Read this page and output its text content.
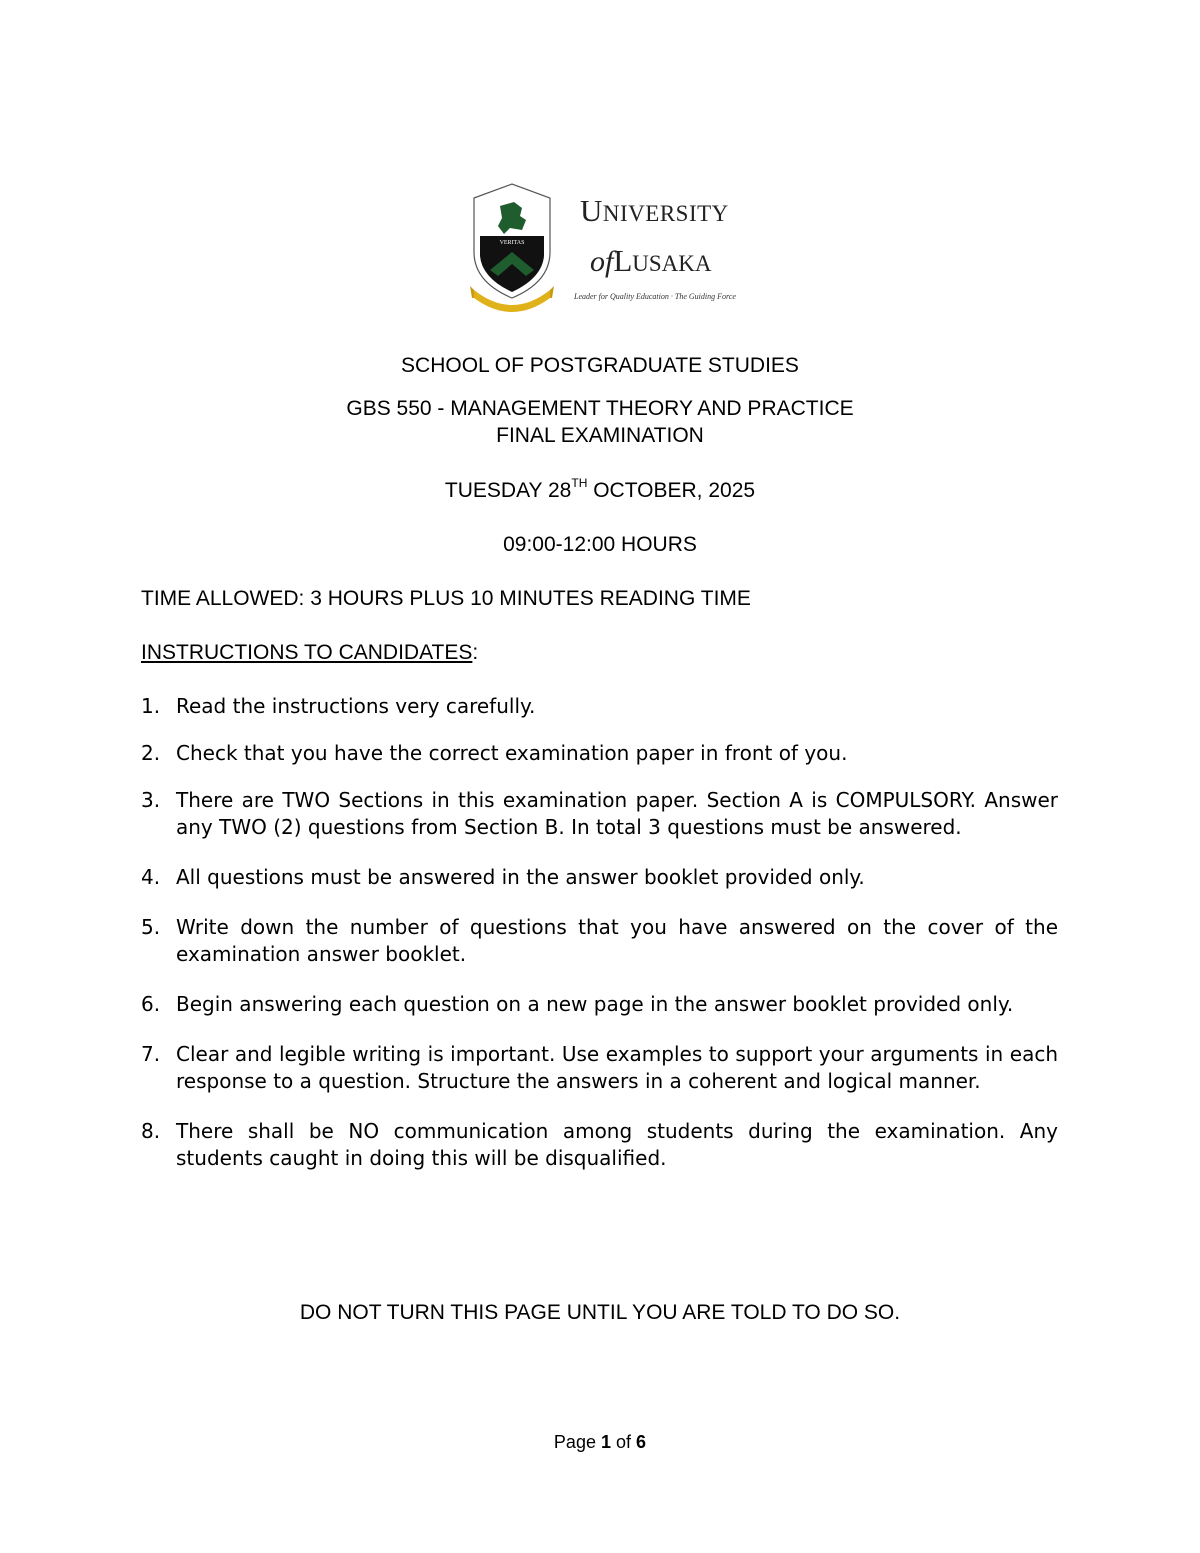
VERITAS
UNIVERSITY
ofLUSAKA
Leader for Quality Education · The Guiding Force
SCHOOL OF POSTGRADUATE STUDIES
GBS 550 - MANAGEMENT THEORY AND PRACTICE
FINAL EXAMINATION
TUESDAY 28TH OCTOBER, 2025
09:00-12:00 HOURS
TIME ALLOWED: 3 HOURS PLUS 10 MINUTES READING TIME
INSTRUCTIONS TO CANDIDATES:
1. Read the instructions very carefully.
2. Check that you have the correct examination paper in front of you.
3. There are TWO Sections in this examination paper. Section A is COMPULSORY. Answer any TWO (2) questions from Section B. In total 3 questions must be answered.
4. All questions must be answered in the answer booklet provided only.
5. Write down the number of questions that you have answered on the cover of the examination answer booklet.
6. Begin answering each question on a new page in the answer booklet provided only.
7. Clear and legible writing is important. Use examples to support your arguments in each response to a question. Structure the answers in a coherent and logical manner.
8. There shall be NO communication among students during the examination. Any students caught in doing this will be disqualified.
DO NOT TURN THIS PAGE UNTIL YOU ARE TOLD TO DO SO.
Page 1 of 6
